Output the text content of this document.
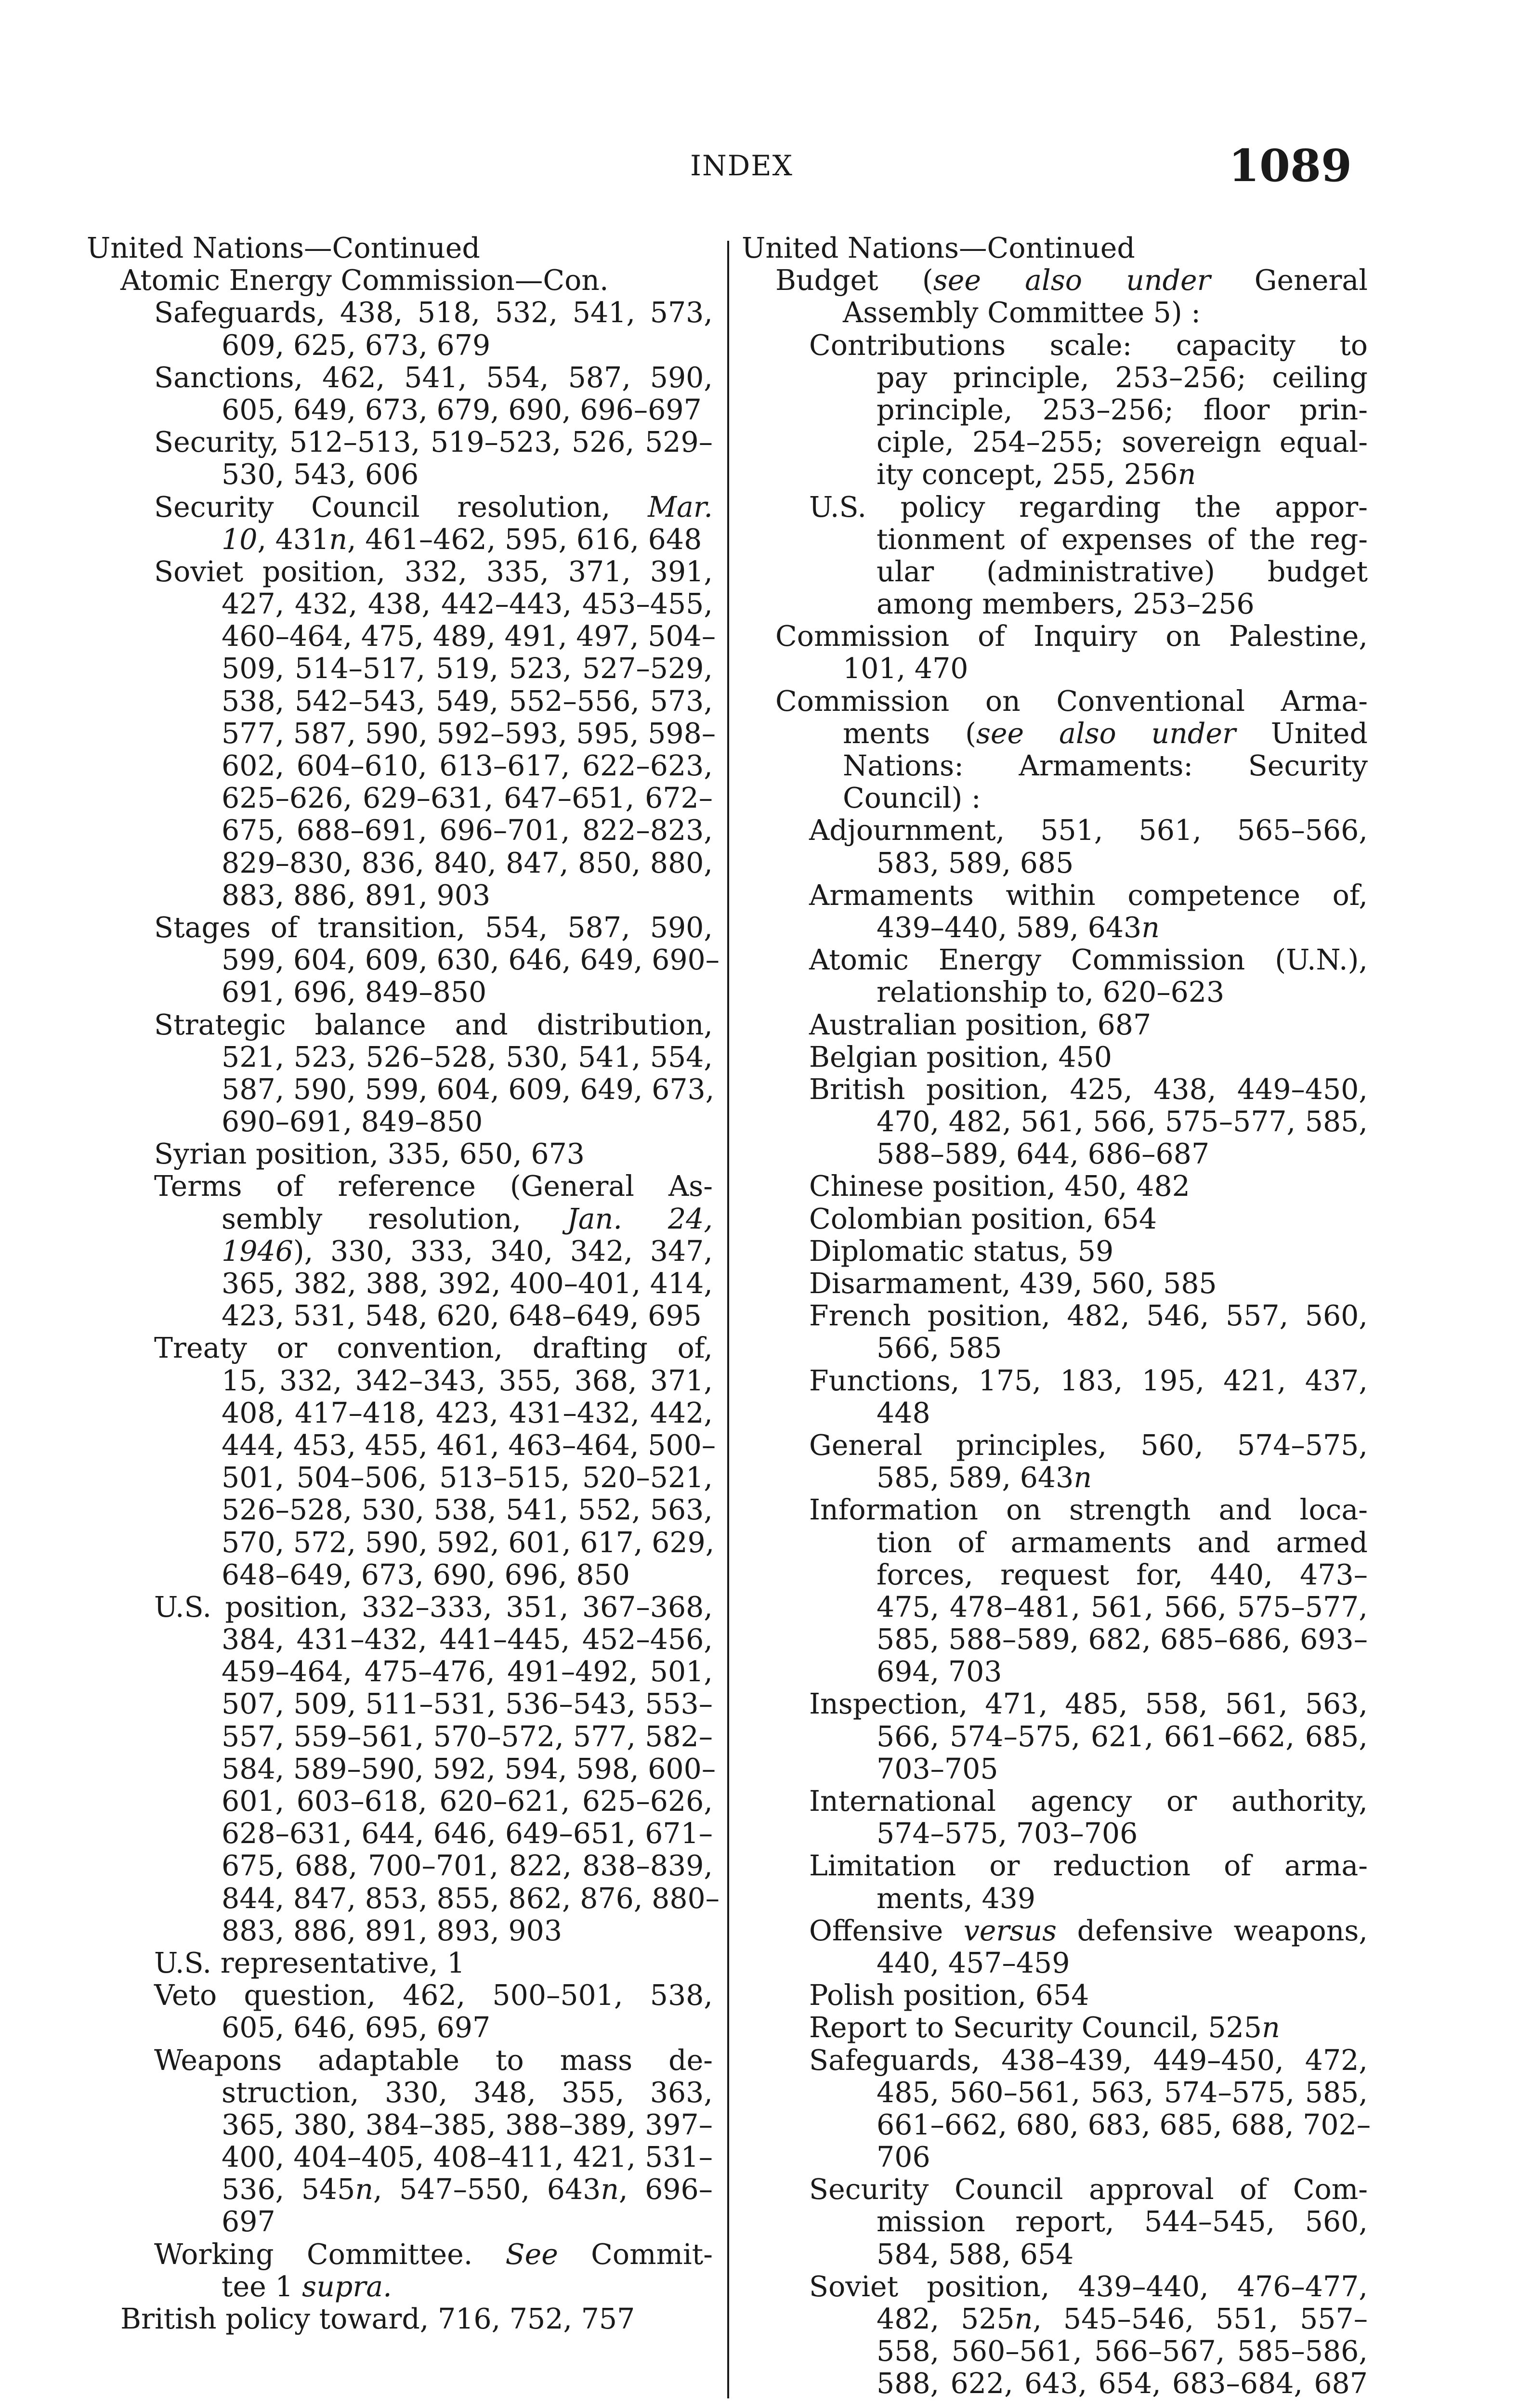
INDEX	1089
United Nations—Continued
Atomic Energy Commission—Con.
Safeguards, 438, 518, 532, 541, 573,
609, 625, 673, 679
Sanctions, 462, 541, 554, 587, 590,
605, 649, 673, 679, 690, 696–697
Security, 512–513, 519–523, 526, 529–
530, 543, 606
Security Council resolution, Mar.
10, 431n, 461–462, 595, 616, 648
Soviet position, 332, 335, 371, 391,
427, 432, 438, 442–443, 453–455,
460–464, 475, 489, 491, 497, 504–
509, 514–517, 519, 523, 527–529,
538, 542–543, 549, 552–556, 573,
577, 587, 590, 592–593, 595, 598–
602, 604–610, 613–617, 622–623,
625–626, 629–631, 647–651, 672–
675, 688–691, 696–701, 822–823,
829–830, 836, 840, 847, 850, 880,
883, 886, 891, 903
Stages of transition, 554, 587, 590,
599, 604, 609, 630, 646, 649, 690–
691, 696, 849–850
Strategic balance and distribution,
521, 523, 526–528, 530, 541, 554,
587, 590, 599, 604, 609, 649, 673,
690–691, 849–850
Syrian position, 335, 650, 673
Terms of reference (General As-
sembly resolution, Jan. 24,
1946), 330, 333, 340, 342, 347,
365, 382, 388, 392, 400–401, 414,
423, 531, 548, 620, 648–649, 695
Treaty or convention, drafting of,
15, 332, 342–343, 355, 368, 371,
408, 417–418, 423, 431–432, 442,
444, 453, 455, 461, 463–464, 500–
501, 504–506, 513–515, 520–521,
526–528, 530, 538, 541, 552, 563,
570, 572, 590, 592, 601, 617, 629,
648–649, 673, 690, 696, 850
U.S. position, 332–333, 351, 367–368,
384, 431–432, 441–445, 452–456,
459–464, 475–476, 491–492, 501,
507, 509, 511–531, 536–543, 553–
557, 559–561, 570–572, 577, 582–
584, 589–590, 592, 594, 598, 600–
601, 603–618, 620–621, 625–626,
628–631, 644, 646, 649–651, 671–
675, 688, 700–701, 822, 838–839,
844, 847, 853, 855, 862, 876, 880–
883, 886, 891, 893, 903
U.S. representative, 1
Veto question, 462, 500–501, 538,
605, 646, 695, 697
Weapons adaptable to mass de-
struction, 330, 348, 355, 363,
365, 380, 384–385, 388–389, 397–
400, 404–405, 408–411, 421, 531–
536, 545n, 547–550, 643n, 696–
697
Working Committee. See Commit-
tee 1 supra.
British policy toward, 716, 752, 757
United Nations—Continued
Budget (see also under General
Assembly Committee 5) :
Contributions scale: capacity to
pay principle, 253–256; ceiling
principle, 253–256; floor prin-
ciple, 254–255; sovereign equal-
ity concept, 255, 256n
U.S. policy regarding the appor-
tionment of expenses of the reg-
ular (administrative) budget
among members, 253–256
Commission of Inquiry on Palestine,
101, 470
Commission on Conventional Arma-
ments (see also under United
Nations: Armaments: Security
Council) :
Adjournment, 551, 561, 565–566,
583, 589, 685
Armaments within competence of,
439–440, 589, 643n
Atomic Energy Commission (U.N.),
relationship to, 620–623
Australian position, 687
Belgian position, 450
British position, 425, 438, 449–450,
470, 482, 561, 566, 575–577, 585,
588–589, 644, 686–687
Chinese position, 450, 482
Colombian position, 654
Diplomatic status, 59
Disarmament, 439, 560, 585
French position, 482, 546, 557, 560,
566, 585
Functions, 175, 183, 195, 421, 437,
448
General principles, 560, 574–575,
585, 589, 643n
Information on strength and loca-
tion of armaments and armed
forces, request for, 440, 473–
475, 478–481, 561, 566, 575–577,
585, 588–589, 682, 685–686, 693–
694, 703
Inspection, 471, 485, 558, 561, 563,
566, 574–575, 621, 661–662, 685,
703–705
International agency or authority,
574–575, 703–706
Limitation or reduction of arma-
ments, 439
Offensive versus defensive weapons,
440, 457–459
Polish position, 654
Report to Security Council, 525n
Safeguards, 438–439, 449–450, 472,
485, 560–561, 563, 574–575, 585,
661–662, 680, 683, 685, 688, 702–
706
Security Council approval of Com-
mission report, 544–545, 560,
584, 588, 654
Soviet position, 439–440, 476–477,
482, 525n, 545–546, 551, 557–
558, 560–561, 566–567, 585–586,
588, 622, 643, 654, 683–684, 687
